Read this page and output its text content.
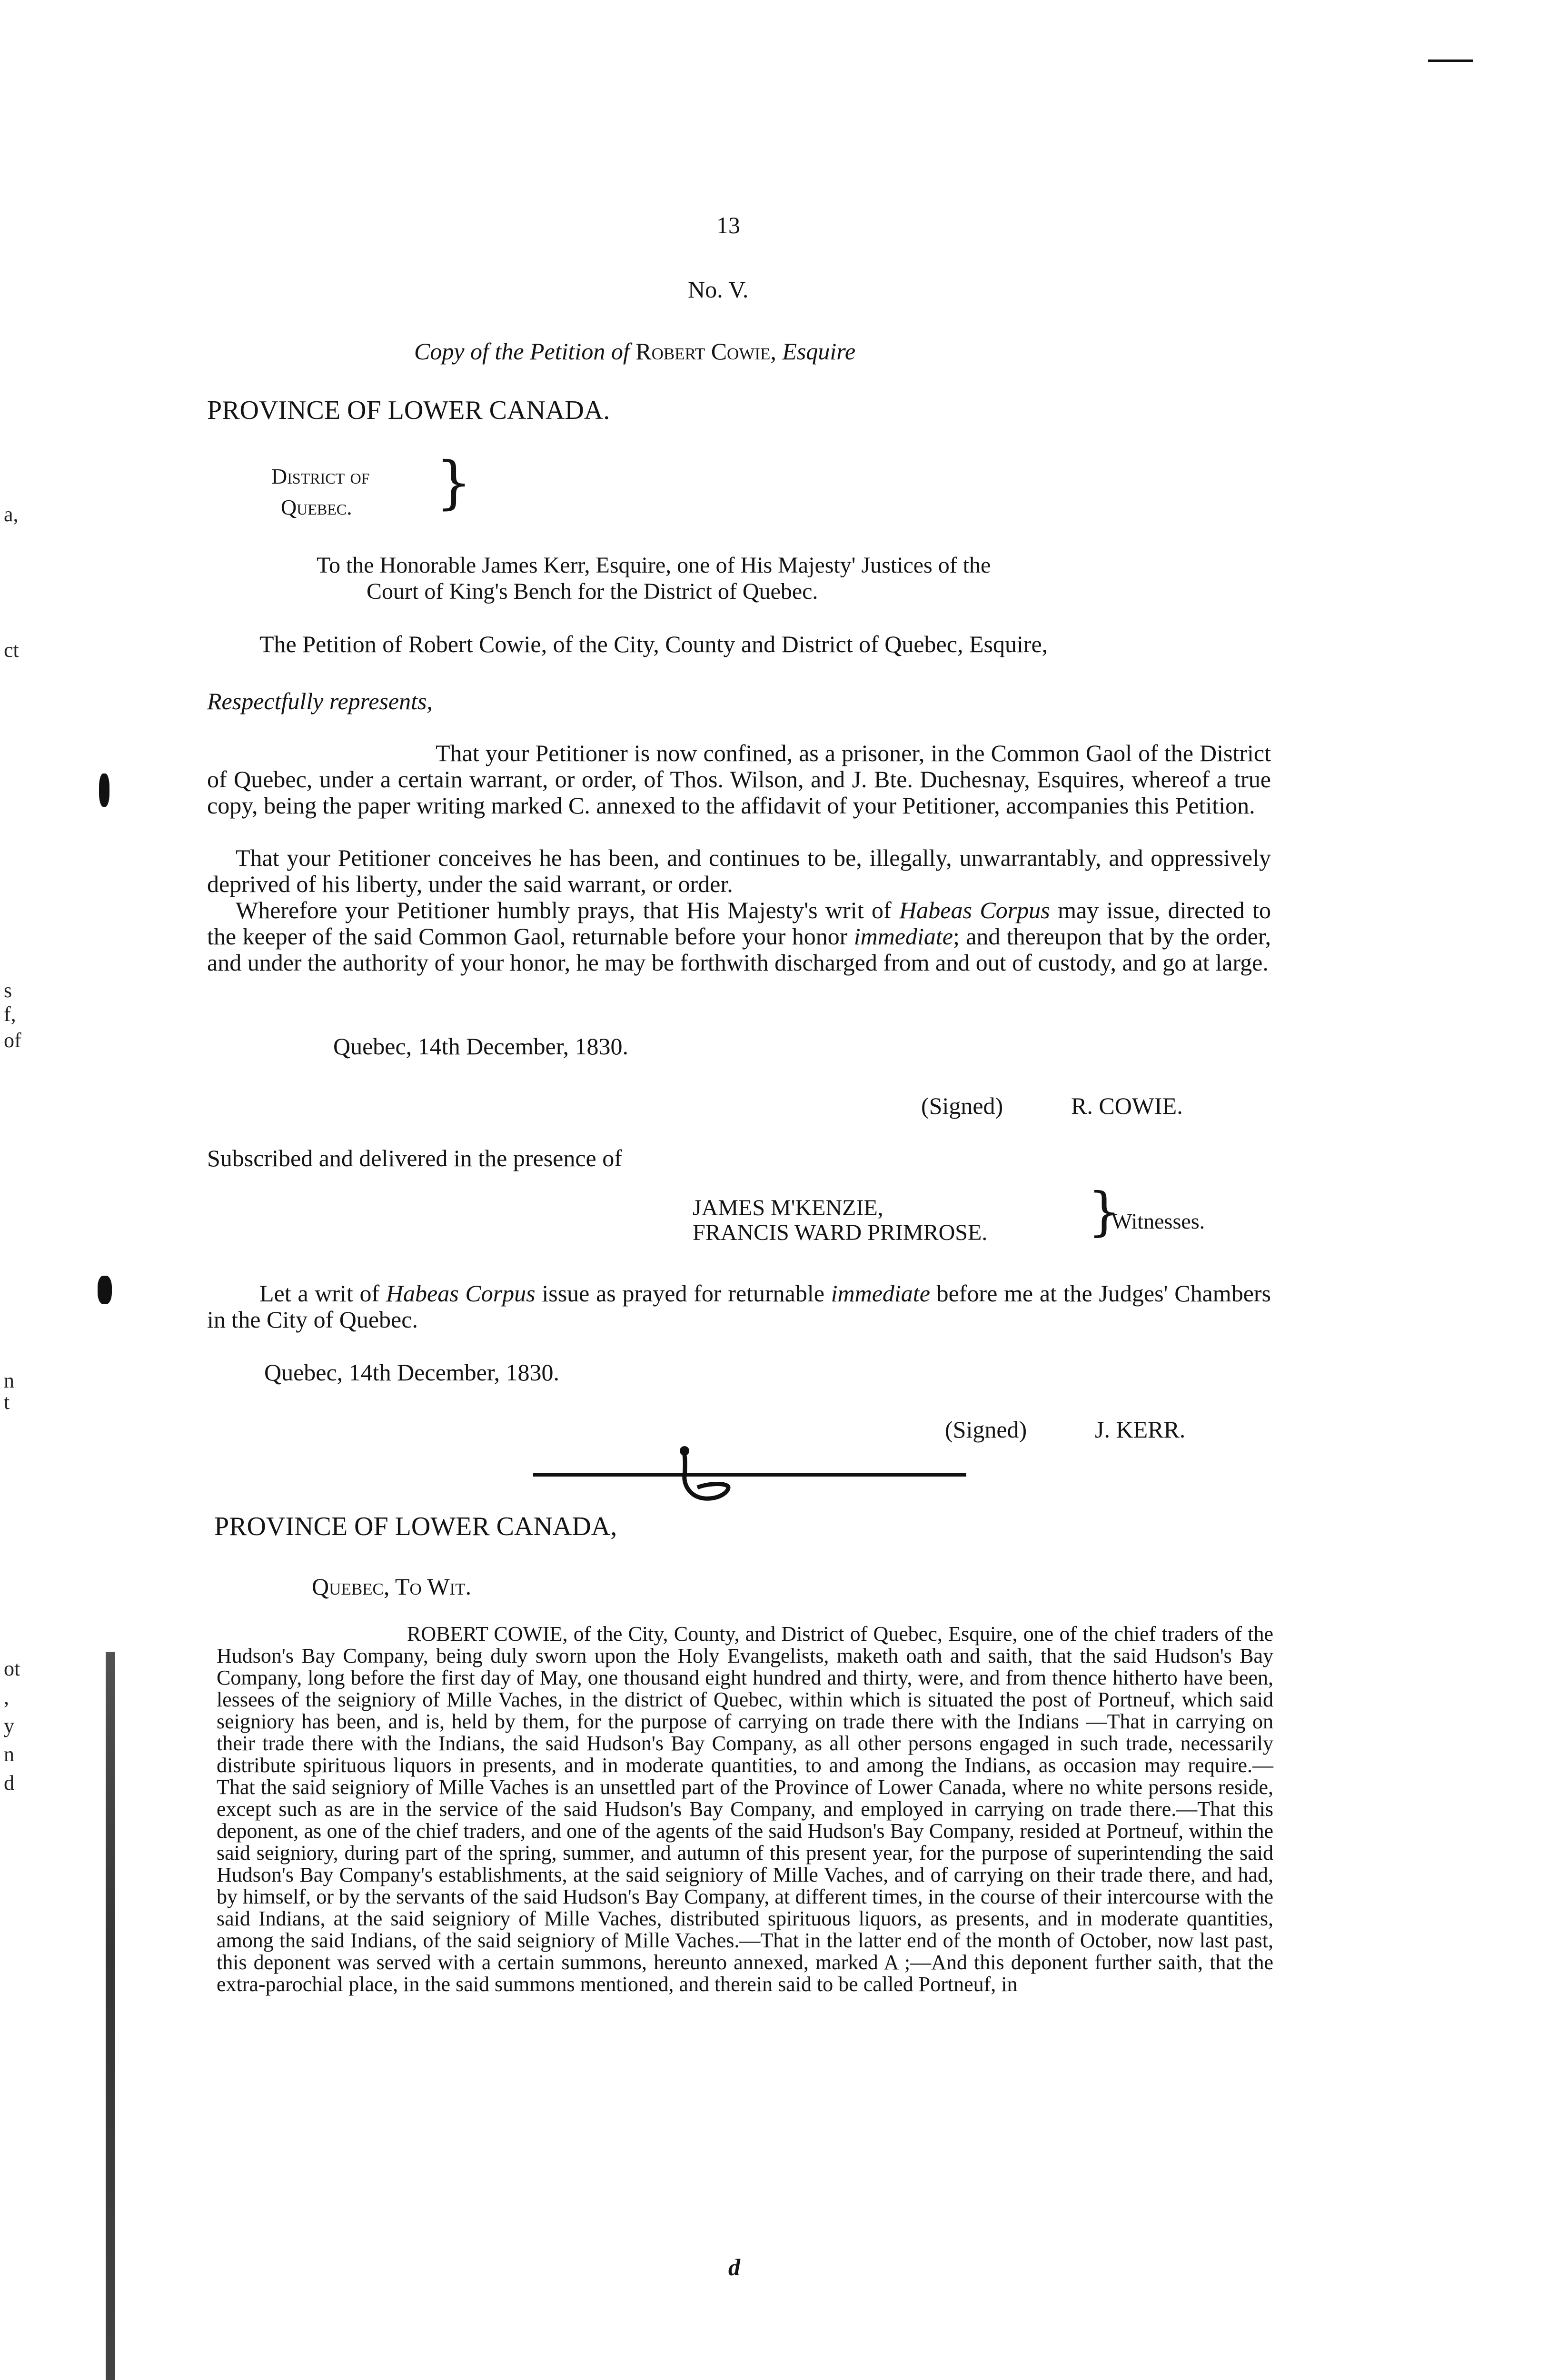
a,
ct
s
f,
of
n
t
ot
,
y
n
d
13
No. V.
Copy of the Petition of Robert Cowie, Esquire
PROVINCE OF LOWER CANADA.
District of
Quebec. }
To the Honorable James Kerr, Esquire, one of His Majesty' Justices of the
Court of King's Bench for the District of Quebec.
The Petition of Robert Cowie, of the City, County and District of Quebec, Esquire,
Respectfully represents,
That your Petitioner is now confined, as a prisoner, in the Common Gaol of the District of Quebec, under a certain warrant, or order, of Thos. Wilson, and J. Bte. Duchesnay, Esquires, whereof a true copy, being the paper writing marked C. annexed to the affidavit of your Petitioner, accompanies this Petition.
That your Petitioner conceives he has been, and continues to be, illegally, unwarrantably, and oppressively deprived of his liberty, under the said warrant, or order.
Wherefore your Petitioner humbly prays, that His Majesty's writ of Habeas Corpus may issue, directed to the keeper of the said Common Gaol, returnable before your honor immediate; and thereupon that by the order, and under the authority of your honor, he may be forthwith discharged from and out of custody, and go at large.
Quebec, 14th December, 1830.
(Signed)	R. COWIE.
Subscribed and delivered in the presence of
JAMES M'KENZIE,
FRANCIS WARD PRIMROSE. }
Witnesses.
Let a writ of Habeas Corpus issue as prayed for returnable immediate before me at the Judges' Chambers in the City of Quebec.
Quebec, 14th December, 1830.
(Signed)	J. KERR.
PROVINCE OF LOWER CANADA,
Quebec, To Wit.
ROBERT COWIE, of the City, County, and District of Quebec, Esquire, one of the chief traders of the Hudson's Bay Company, being duly sworn upon the Holy Evangelists, maketh oath and saith, that the said Hudson's Bay Company, long before the first day of May, one thousand eight hundred and thirty, were, and from thence hitherto have been, lessees of the seigniory of Mille Vaches, in the district of Quebec, within which is situated the post of Portneuf, which said seigniory has been, and is, held by them, for the purpose of carrying on trade there with the Indians —That in carrying on their trade there with the Indians, the said Hudson's Bay Company, as all other persons engaged in such trade, necessarily distribute spirituous liquors in presents, and in moderate quantities, to and among the Indians, as occasion may require.—That the said seigniory of Mille Vaches is an unsettled part of the Province of Lower Canada, where no white persons reside, except such as are in the service of the said Hudson's Bay Company, and employed in carrying on trade there.—That this deponent, as one of the chief traders, and one of the agents of the said Hudson's Bay Company, resided at Portneuf, within the said seigniory, during part of the spring, summer, and autumn of this present year, for the purpose of superintending the said Hudson's Bay Company's establishments, at the said seigniory of Mille Vaches, and of carrying on their trade there, and had, by himself, or by the servants of the said Hudson's Bay Company, at different times, in the course of their intercourse with the said Indians, at the said seigniory of Mille Vaches, distributed spirituous liquors, as presents, and in moderate quantities, among the said Indians, of the said seigniory of Mille Vaches.—That in the latter end of the month of October, now last past, this deponent was served with a certain summons, hereunto annexed, marked A ;—And this deponent further saith, that the extra-parochial place, in the said summons mentioned, and therein said to be called Portneuf, in
d
